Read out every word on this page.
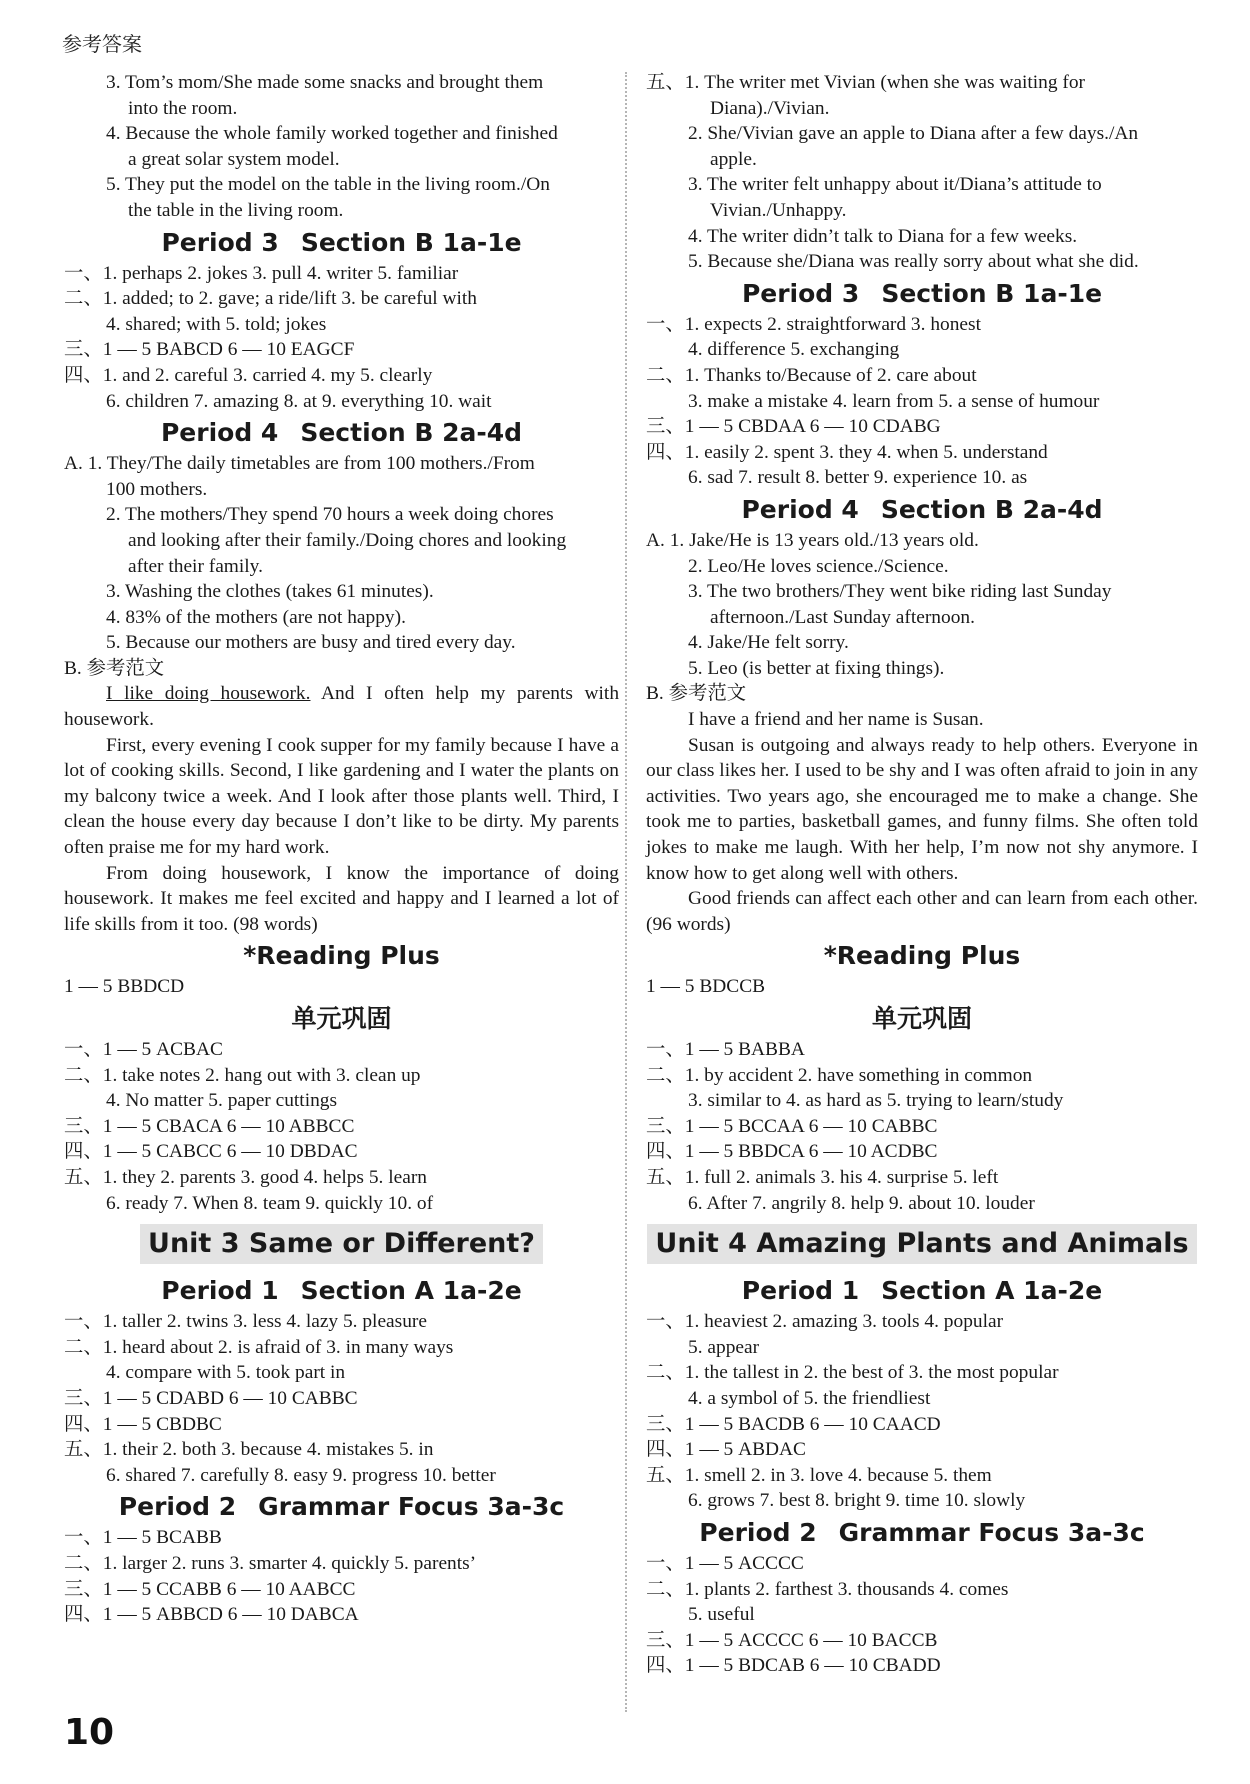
参考答案
3. Tom’s mom/She made some snacks and brought them
into the room.
4. Because the whole family worked together and finished
a great solar system model.
5. They put the model on the table in the living room./On
the table in the living room.
Period 3 Section B 1a-1e
一、1. perhaps 2. jokes 3. pull 4. writer 5. familiar
二、1. added; to 2. gave; a ride/lift 3. be careful with
4. shared; with 5. told; jokes
三、1 — 5 BABCD 6 — 10 EAGCF
四、1. and 2. careful 3. carried 4. my 5. clearly
6. children 7. amazing 8. at 9. everything 10. wait
Period 4 Section B 2a-4d
A. 1. They/The daily timetables are from 100 mothers./From
100 mothers.
2. The mothers/They spend 70 hours a week doing chores
and looking after their family./Doing chores and looking
after their family.
3. Washing the clothes (takes 61 minutes).
4. 83% of the mothers (are not happy).
5. Because our mothers are busy and tired every day.
B. 参考范文

I like doing housework. And I often help my parents with housework.

First, every evening I cook supper for my family because I have a lot of cooking skills. Second, I like gardening and I water the plants on my balcony twice a week. And I look after those plants well. Third, I clean the house every day because I don’t like to be dirty. My parents often praise me for my hard work.

From doing housework, I know the importance of doing housework. It makes me feel excited and happy and I learned a lot of life skills from it too. (98 words)

*Reading Plus
1 — 5 BBDCD
单元巩固
一、1 — 5 ACBAC
二、1. take notes 2. hang out with 3. clean up
4. No matter 5. paper cuttings
三、1 — 5 CBACA 6 — 10 ABBCC
四、1 — 5 CABCC 6 — 10 DBDAC
五、1. they 2. parents 3. good 4. helps 5. learn
6. ready 7. When 8. team 9. quickly 10. of
Unit 3 Same or Different?
Period 1 Section A 1a-2e
一、1. taller 2. twins 3. less 4. lazy 5. pleasure
二、1. heard about 2. is afraid of 3. in many ways
4. compare with 5. took part in
三、1 — 5 CDABD 6 — 10 CABBC
四、1 — 5 CBDBC
五、1. their 2. both 3. because 4. mistakes 5. in
6. shared 7. carefully 8. easy 9. progress 10. better
Period 2 Grammar Focus 3a-3c
一、1 — 5 BCABB
二、1. larger 2. runs 3. smarter 4. quickly 5. parents’
三、1 — 5 CCABB 6 — 10 AABCC
四、1 — 5 ABBCD 6 — 10 DABCA
五、1. The writer met Vivian (when she was waiting for
Diana)./Vivian.
2. She/Vivian gave an apple to Diana after a few days./An
apple.
3. The writer felt unhappy about it/Diana’s attitude to
Vivian./Unhappy.
4. The writer didn’t talk to Diana for a few weeks.
5. Because she/Diana was really sorry about what she did.
Period 3 Section B 1a-1e
一、1. expects 2. straightforward 3. honest
4. difference 5. exchanging
二、1. Thanks to/Because of 2. care about
3. make a mistake 4. learn from 5. a sense of humour
三、1 — 5 CBDAA 6 — 10 CDABG
四、1. easily 2. spent 3. they 4. when 5. understand
6. sad 7. result 8. better 9. experience 10. as
Period 4 Section B 2a-4d
A. 1. Jake/He is 13 years old./13 years old.
2. Leo/He loves science./Science.
3. The two brothers/They went bike riding last Sunday
afternoon./Last Sunday afternoon.
4. Jake/He felt sorry.
5. Leo (is better at fixing things).
B. 参考范文

I have a friend and her name is Susan.

Susan is outgoing and always ready to help others. Everyone in our class likes her. I used to be shy and I was often afraid to join in any activities. Two years ago, she encouraged me to make a change. She took me to parties, basketball games, and funny films. She often told jokes to make me laugh. With her help, I’m now not shy anymore. I know how to get along well with others.

Good friends can affect each other and can learn from each other. (96 words)

*Reading Plus
1 — 5 BDCCB
单元巩固
一、1 — 5 BABBA
二、1. by accident 2. have something in common
3. similar to 4. as hard as 5. trying to learn/study
三、1 — 5 BCCAA 6 — 10 CABBC
四、1 — 5 BBDCA 6 — 10 ACDBC
五、1. full 2. animals 3. his 4. surprise 5. left
6. After 7. angrily 8. help 9. about 10. louder
Unit 4 Amazing Plants and Animals
Period 1 Section A 1a-2e
一、1. heaviest 2. amazing 3. tools 4. popular
5. appear
二、1. the tallest in 2. the best of 3. the most popular
4. a symbol of 5. the friendliest
三、1 — 5 BACDB 6 — 10 CAACD
四、1 — 5 ABDAC
五、1. smell 2. in 3. love 4. because 5. them
6. grows 7. best 8. bright 9. time 10. slowly
Period 2 Grammar Focus 3a-3c
一、1 — 5 ACCCC
二、1. plants 2. farthest 3. thousands 4. comes
5. useful
三、1 — 5 ACCCC 6 — 10 BACCB
四、1 — 5 BDCAB 6 — 10 CBADD
10
